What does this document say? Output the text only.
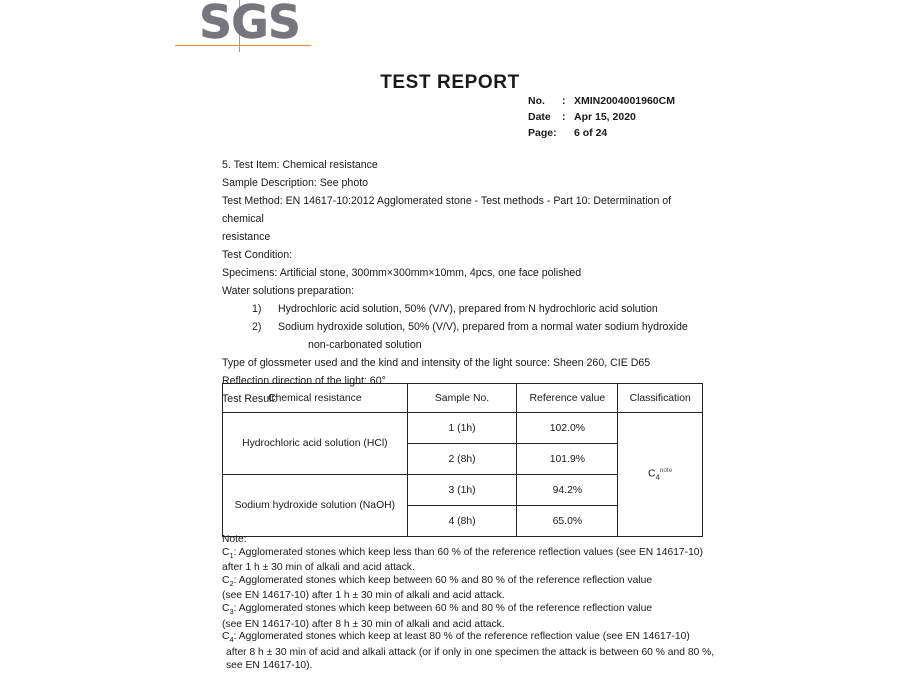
SGS
TEST REPORT
No.	: XMIN2004001960CM
Date	: Apr 15, 2020
Page:	6 of 24

5. Test Item: Chemical resistance

Sample Description: See photo

Test Method: EN 14617-10:2012 Agglomerated stone - Test methods - Part 10: Determination of chemical

resistance

Test Condition:

Specimens: Artificial stone, 300mm×300mm×10mm, 4pcs, one face polished

Water solutions preparation:

1)	Hydrochloric acid solution, 50% (V/V), prepared from N hydrochloric acid solution
2)	Sodium hydroxide solution, 50% (V/V), prepared from a normal water sodium hydroxide

non-carbonated solution

Type of glossmeter used and the kind and intensity of the light source: Sheen 260, CIE D65

Reflection direction of the light: 60°

Test Result:

Chemical resistance	Sample No.	Reference value	Classification
Hydrochloric acid solution (HCl)	1 (1h)	102.0%	$C_4^{note}$
	2 (8h)	101.9%	
Sodium hydroxide solution (NaOH)	3 (1h)	94.2%	
	4 (8h)	65.0%	

Note:

$C_1$: Agglomerated stones which keep less than 60 % of the reference reflection values (see EN 14617-10)

after 1 h ± 30 min of alkali and acid attack.

$C_2$: Agglomerated stones which keep between 60 % and 80 % of the reference reflection value

(see EN 14617-10) after 1 h ± 30 min of alkali and acid attack.

$C_3$: Agglomerated stones which keep between 60 % and 80 % of the reference reflection value

(see EN 14617-10) after 8 h ± 30 min of alkali and acid attack.

$C_4$: Agglomerated stones which keep at least 80 % of the reference reflection value (see EN 14617-10)

after 8 h ± 30 min of acid and alkali attack (or if only in one specimen the attack is between 60 % and 80 %,

see EN 14617-10).
